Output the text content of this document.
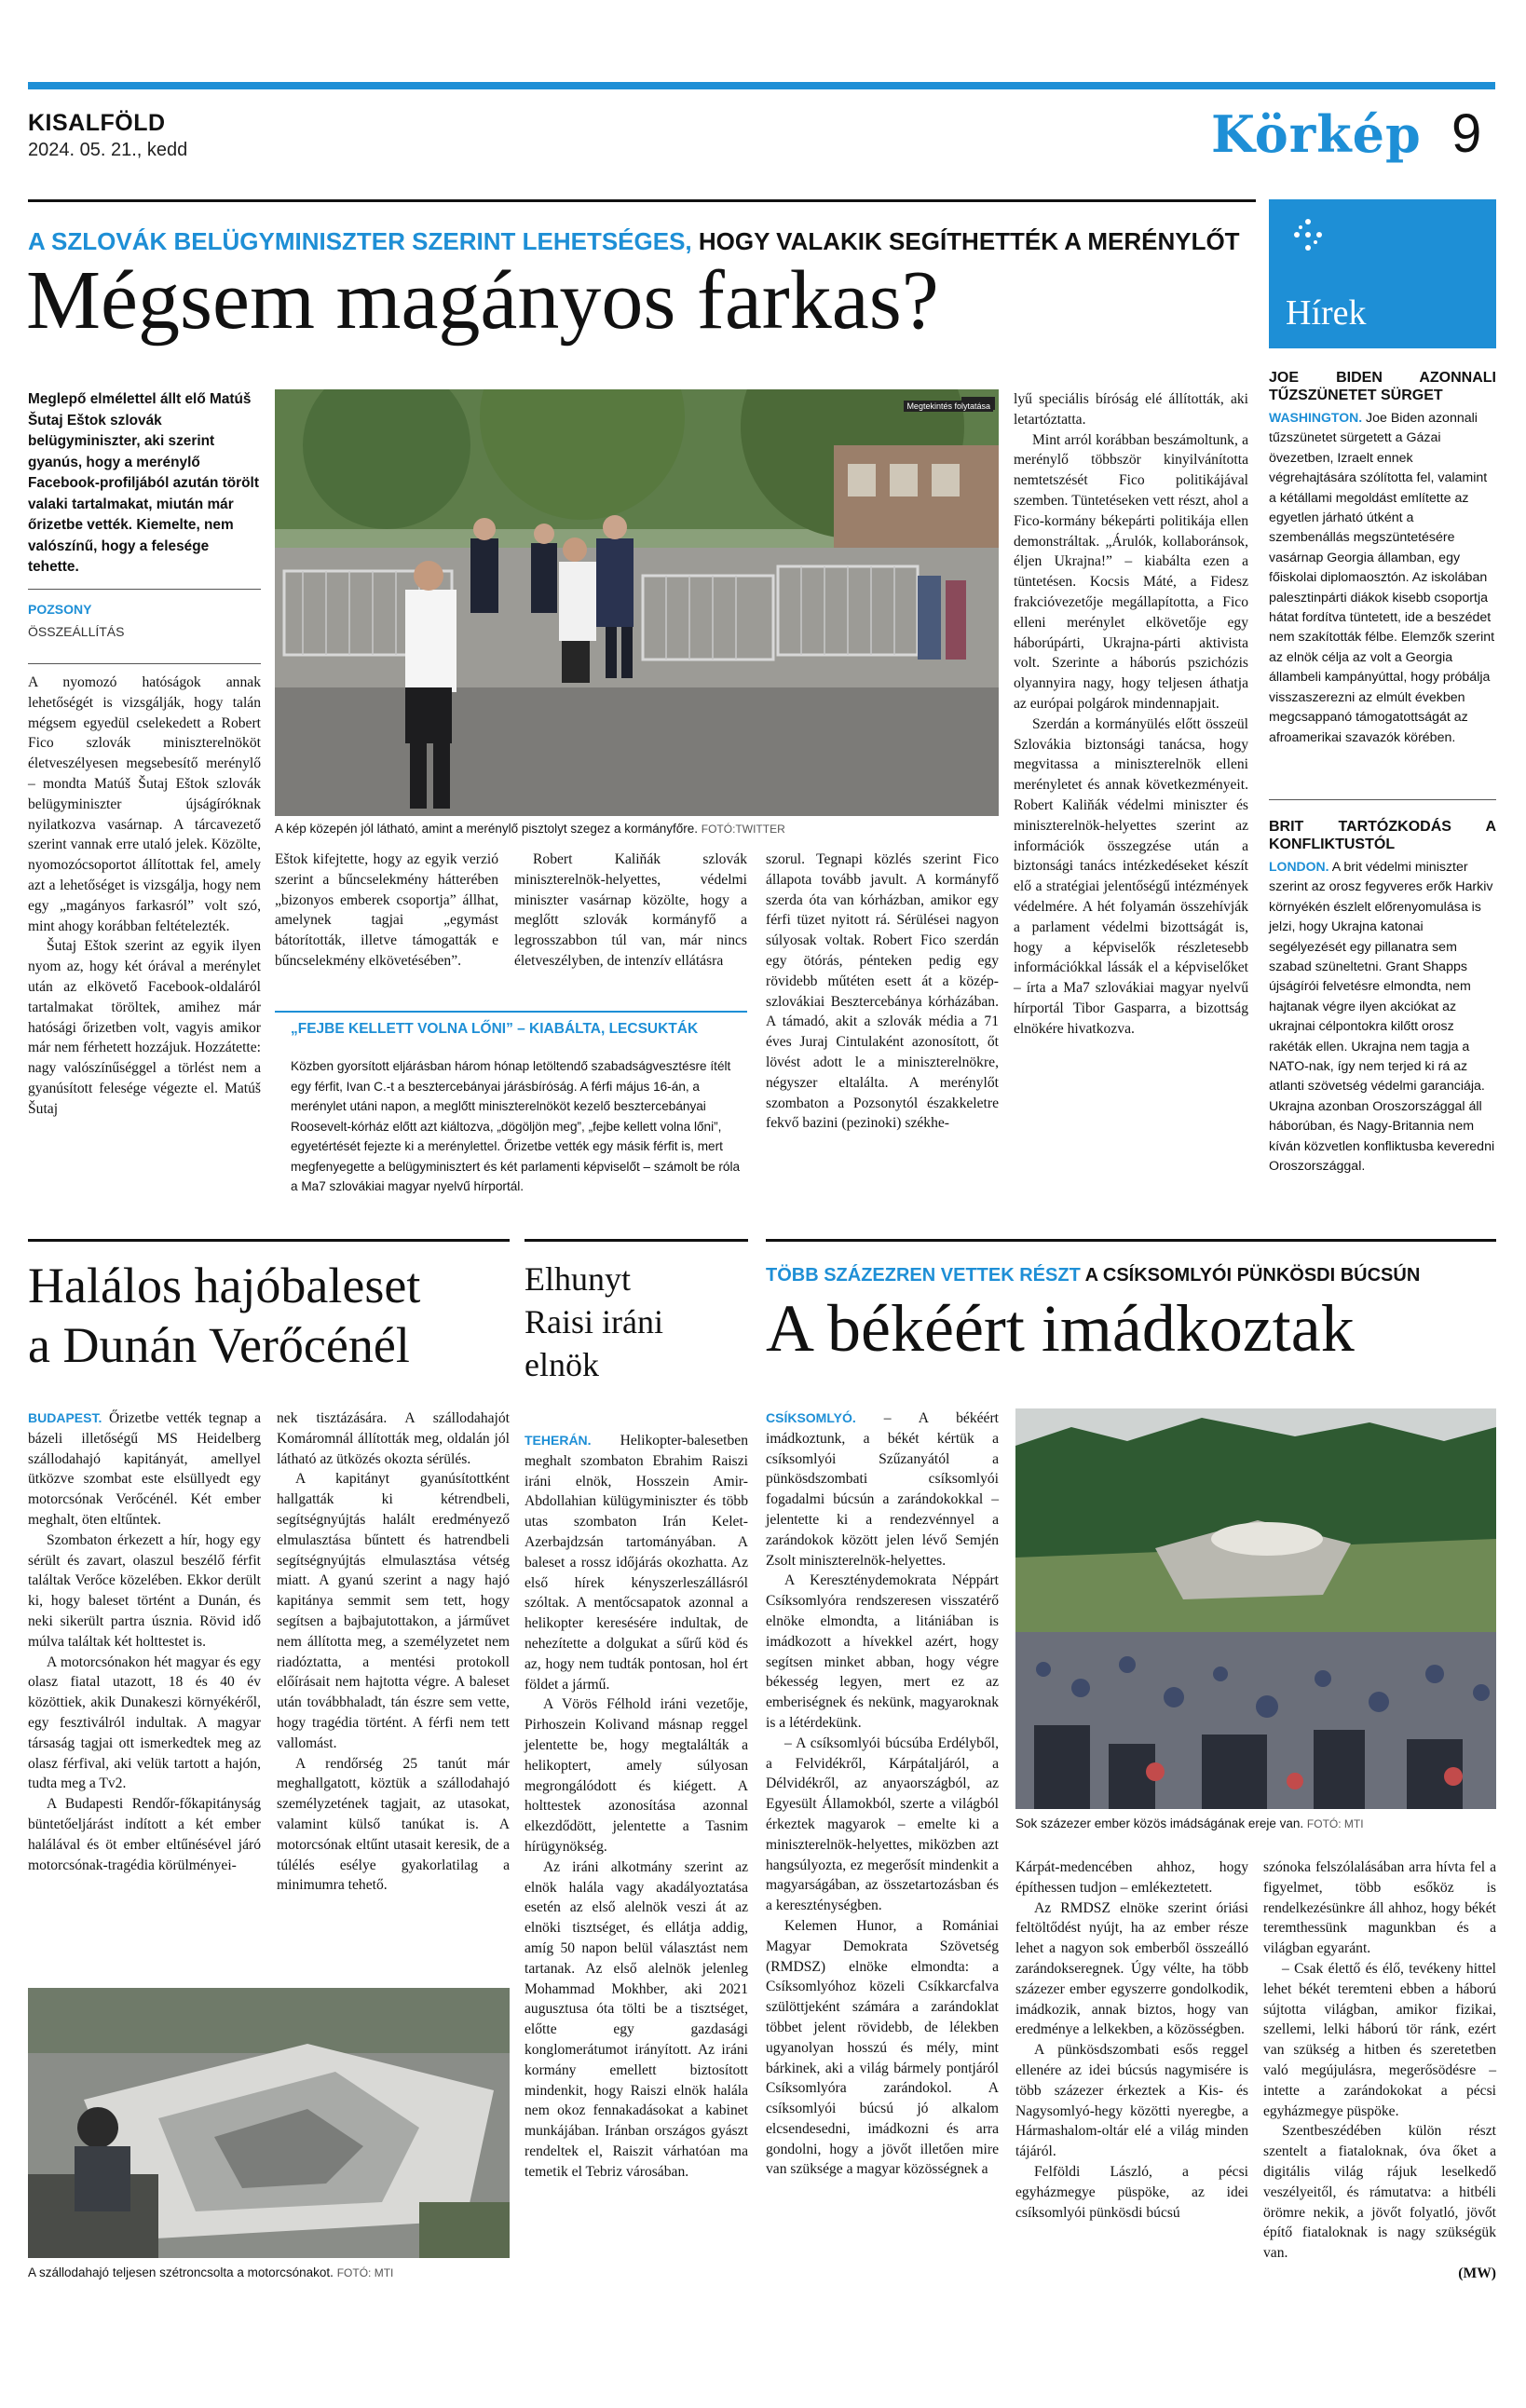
KISALFÖLD
2024. 05. 21., kedd	Körkép 9
A SZLOVÁK BELÜGYMINISZTER SZERINT LEHETSÉGES, HOGY VALAKIK SEGÍTHETTÉK A MERÉNYLŐT
Mégsem magányos farkas?
Meglepő elmélettel állt elő Matúš Šutaj Eštok szlovák belügyminiszter, aki szerint gyanús, hogy a merénylő Facebook-profiljából azután törölt valaki tartalmakat, miután már őrizetbe vették. Kiemelte, nem valószínű, hogy a felesége tehette.
POZSONY
ÖSSZEÁLLÍTÁS

A nyomozó hatóságok annak lehetőségét is vizsgálják, hogy talán mégsem egyedül cselekedett a Robert Fico szlovák miniszterelnököt életveszélyesen megsebesítő merénylő – mondta Matúš Šutaj Eštok szlovák belügyminiszter újságíróknak nyilatkozva vasárnap. A tárcavezető szerint vannak erre utaló jelek. Közölte, nyomozócsoportot állítottak fel, amely azt a lehetőséget is vizsgálja, hogy nem egy „magányos farkasról” volt szó, mint ahogy korábban feltételezték.

Šutaj Eštok szerint az egyik ilyen nyom az, hogy két órával a merénylet után az elkövető Facebook-oldaláról tartalmakat töröltek, amihez már hatósági őrizetben volt, vagyis amikor már nem férhetett hozzájuk. Hozzátette: nagy valószínűséggel a törlést nem a gyanúsított felesége végezte el. Matúš Šutaj

Megtekintés folytatása
A kép közepén jól látható, amint a merénylő pisztolyt szegez a kormányfőre. FOTÓ:TWITTER

Eštok kifejtette, hogy az egyik verzió szerint a bűncselekmény hátterében „bizonyos emberek csoportja” állhat, amelynek tagjai „egymást bátorították, illetve támogatták e bűncselekmény elkövetésében”.

Robert Kaliňák szlovák miniszterelnök-helyettes, védelmi miniszter vasárnap közölte, hogy a meglőtt szlovák kormányfő a legrosszabbon túl van, már nincs életveszélyben, de intenzív ellátásra

„FEJBE KELLETT VOLNA LŐNI” – KIABÁLTA, LECSUKTÁK
Közben gyorsított eljárásban három hónap letöltendő szabadságvesztésre ítélt egy férfit, Ivan C.-t a besztercebányai járásbíróság. A férfi május 16-án, a merénylet utáni napon, a meglőtt miniszterelnököt kezelő besztercebányai Roosevelt-kórház előtt azt kiáltozva, „dögöljön meg”, „fejbe kellett volna lőni”, egyetértését fejezte ki a merénylettel. Őrizetbe vették egy másik férfit is, mert megfenyegette a belügyminisztert és két parlamenti képviselőt – számolt be róla a Ma7 szlovákiai magyar nyelvű hírportál.

szorul. Tegnapi közlés szerint Fico állapota tovább javult. A kormányfő szerda óta van kórházban, amikor egy férfi tüzet nyitott rá. Sérülései nagyon súlyosak voltak. Robert Fico szerdán egy ötórás, pénteken pedig egy rövidebb műtéten esett át a közép-szlovákiai Besztercebánya kórházában. A támadó, akit a szlovák média a 71 éves Juraj Cintulaként azonosított, őt lövést adott le a miniszterelnökre, négyszer eltalálta. A merénylőt szombaton a Pozsonytól északkeletre fekvő bazini (pezinoki) székhe-

lyű speciális bíróság elé állították, aki letartóztatta.

Mint arról korábban beszámoltunk, a merénylő többször kinyilvánította nemtetszését Fico politikájával szemben. Tüntetéseken vett részt, ahol a Fico-kormány békepárti politikája ellen demonstráltak. „Árulók, kollaboránsok, éljen Ukrajna!” – kiabálta ezen a tüntetésen. Kocsis Máté, a Fidesz frakcióvezetője megállapította, a Fico elleni merénylet elkövetője egy háborúpárti, Ukrajna-párti aktivista volt. Szerinte a háborús pszichózis olyannyira nagy, hogy teljesen áthatja az európai polgárok mindennapjait.

Szerdán a kormányülés előtt összeül Szlovákia biztonsági tanácsa, hogy megvitassa a miniszterelnök elleni merényletet és annak következményeit. Robert Kaliňák védelmi miniszter és miniszterelnök-helyettes szerint az információk összegzése után a biztonsági tanács intézkedéseket készít elő a stratégiai jelentőségű intézmények védelmére. A hét folyamán összehívják a parlament védelmi bizottságát is, hogy a képviselők részletesebb információkkal lássák el a képviselőket – írta a Ma7 szlovákiai magyar nyelvű hírportál Tibor Gasparra, a bizottság elnökére hivatkozva.

Hírek
JOE BIDEN AZONNALI TŰZSZÜNETET SÜRGET

WASHINGTON. Joe Biden azonnali tűzszünetet sürgetett a Gázai övezetben, Izraelt ennek végrehajtására szólította fel, valamint a kétállami megoldást említette az egyetlen járható útként a szembenállás megszüntetésére vasárnap Georgia államban, egy főiskolai diplomaosztón. Az iskolában palesztinpárti diákok kisebb csoportja hátat fordítva tüntetett, ide a beszédet nem szakították félbe. Elemzők szerint az elnök célja az volt a Georgia állambeli kampányúttal, hogy próbálja visszaszerezni az elmúlt években megcsappanó támogatottságát az afroamerikai szavazók körében.

BRIT TARTÓZKODÁS A KONFLIKTUSTÓL

LONDON. A brit védelmi miniszter szerint az orosz fegyveres erők Harkiv környékén észlelt előrenyomulása is jelzi, hogy Ukrajna katonai segélyezését egy pillanatra sem szabad szüneltetni. Grant Shapps újságírói felvetésre elmondta, nem hajtanak végre ilyen akciókat az ukrajnai célpontokra kilőtt orosz rakéták ellen. Ukrajna nem tagja a NATO-nak, így nem terjed ki rá az atlanti szövetség védelmi garanciája. Ukrajna azonban Oroszországgal áll háborúban, és Nagy-Britannia nem kíván közvetlen konfliktusba keveredni Oroszországgal.

Halálos hajóbaleset
a Dunán Verőcénél

BUDAPEST. Őrizetbe vették tegnap a bázeli illetőségű MS Heidelberg szállodahajó kapitányát, amellyel ütközve szombat este elsüllyedt egy motorcsónak Verőcénél. Két ember meghalt, öten eltűntek.

Szombaton érkezett a hír, hogy egy sérült és zavart, olaszul beszélő férfit találtak Verőce közelében. Ekkor derült ki, hogy baleset történt a Dunán, és neki sikerült partra úsznia. Rövid idő múlva találtak két holttestet is.

A motorcsónakon hét magyar és egy olasz fiatal utazott, 18 és 40 év közöttiek, akik Dunakeszi környékéről, egy fesztiválról indultak. A magyar társaság tagjai ott ismerkedtek meg az olasz férfival, aki velük tartott a hajón, tudta meg a Tv2.

A Budapesti Rendőr-főkapitányság büntetőeljárást indított a két ember halálával és öt ember eltűnésével járó motorcsónak-tragédia körülményei-

nek tisztázására. A szállodahajót Komáromnál állították meg, oldalán jól látható az ütközés okozta sérülés.

A kapitányt gyanúsítottként hallgatták ki kétrendbeli, segítségnyújtás halált eredményező elmulasztása bűntett és hatrendbeli segítségnyújtás elmulasztása vétség miatt. A gyanú szerint a nagy hajó kapitánya semmit sem tett, hogy segítsen a bajbajutottakon, a járművet nem állította meg, a személyzetet nem riadóztatta, a mentési protokoll előírásait nem hajtotta végre. A baleset után továbbhaladt, tán észre sem vette, hogy tragédia történt. A férfi nem tett vallomást.

A rendőrség 25 tanút már meghallgatott, köztük a szállodahajó személyzetének tagjait, az utasokat, valamint külső tanúkat is. A motorcsónak eltűnt utasait keresik, de a túlélés esélye gyakorlatilag a minimumra tehető.

A szállodahajó teljesen szétroncsolta a motorcsónakot. FOTÓ: MTI
Elhunyt Raisi iráni elnök

TEHERÁN. Helikopter-balesetben meghalt szombaton Ebrahim Raiszi iráni elnök, Hosszein Amir-Abdollahian külügyminiszter és több utas szombaton Irán Kelet-Azerbajdzsán tartományában. A baleset a rossz időjárás okozhatta. Az első hírek kényszerleszállásról szóltak. A mentőcsapatok azonnal a helikopter keresésére indultak, de nehezítette a dolgukat a sűrű köd és az, hogy nem tudták pontosan, hol ért földet a jármű.

A Vörös Félhold iráni vezetője, Pirhoszein Kolivand másnap reggel jelentette be, hogy megtalálták a helikoptert, amely súlyosan megrongálódott és kiégett. A holttestek azonosítása azonnal elkezdődött, jelentette a Tasnim hírügynökség.

Az iráni alkotmány szerint az elnök halála vagy akadályoztatása esetén az első alelnök veszi át az elnöki tisztséget, és ellátja addig, amíg 50 napon belül választást nem tartanak. Az első alelnök jelenleg Mohammad Mokhber, aki 2021 augusztusa óta tölti be a tisztséget, előtte egy gazdasági konglomerátumot irányított. Az iráni kormány emellett biztosított mindenkit, hogy Raiszi elnök halála nem okoz fennakadásokat a kabinet munkájában. Iránban országos gyászt rendeltek el, Raiszit várhatóan ma temetik el Tebriz városában.

TÖBB SZÁZEZREN VETTEK RÉSZT A CSÍKSOMLYÓI PÜNKÖSDI BÚCSÚN
A békéért imádkoztak

CSÍKSOMLYÓ. – A békéért imádkoztunk, a békét kértük a csíksomlyói Szűzanyától a pünkösdszombati csíksomlyói fogadalmi búcsún a zarándokokkal – jelentette ki a rendezvénnyel a zarándokok között jelen lévő Semjén Zsolt miniszterelnök-helyettes.

A Kereszténydemokrata Néppárt Csíksomlyóra rendszeresen visszatérő elnöke elmondta, a litániában is imádkozott a hívekkel azért, hogy segítsen minket abban, hogy végre békesség legyen, mert ez az emberiségnek és nekünk, magyaroknak is a létérdekünk.

– A csíksomlyói búcsúba Erdélyből, a Felvidékről, Kárpátaljáról, a Délvidékről, az anyaországból, az Egyesült Államokból, szerte a világból érkeztek magyarok – emelte ki a miniszterelnök-helyettes, miközben azt hangsúlyozta, ez megerősít mindenkit a magyarságában, az összetartozásban és a kereszténységben.

Kelemen Hunor, a Romániai Magyar Demokrata Szövetség (RMDSZ) elnöke elmondta: a Csíksomlyóhoz közeli Csíkkarcfalva szülöttjeként számára a zarándoklat többet jelent rövidebb, de lélekben ugyanolyan hosszú és mély, mint bárkinek, aki a világ bármely pontjáról Csíksomlyóra zarándokol. A csíksomlyói búcsú jó alkalom elcsendesedni, imádkozni és arra gondolni, hogy a jövőt illetően mire van szüksége a magyar közösségnek a

Sok százezer ember közös imádságának ereje van. FOTÓ: MTI

Kárpát-medencében ahhoz, hogy építhessen tudjon – emlékeztetett.

Az RMDSZ elnöke szerint óriási feltöltődést nyújt, ha az ember része lehet a nagyon sok emberből összeálló zarándokseregnek. Úgy vélte, ha több százezer ember egyszerre gondolkodik, imádkozik, annak biztos, hogy van eredménye a lelkekben, a közösségben.

A pünkösdszombati esős reggel ellenére az idei búcsús nagymisére is több százezer érkeztek a Kis- és Nagysomlyó-hegy közötti nyeregbe, a Hármashalom-oltár elé a világ minden tájáról.

Felföldi László, a pécsi egyházmegye püspöke, az idei csíksomlyói pünkösdi búcsú

szónoka felszólalásában arra hívta fel a figyelmet, több esőköz is rendelkezésünkre áll ahhoz, hogy békét teremthessünk magunkban és a világban egyaránt.

– Csak élettő és élő, tevékeny hittel lehet békét teremteni ebben a háború sújtotta világban, amikor fizikai, szellemi, lelki háború tör ránk, ezért van szükség a hitben és szeretetben való megújulásra, megerősödésre – intette a zarándokokat a pécsi egyházmegye püspöke.

Szentbeszédében külön részt szentelt a fiataloknak, óva őket a digitális világ rájuk leselkedő veszélyeitől, és rámutatva: a hitbéli örömre nekik, a jövőt folyatló, jövőt építő fiataloknak is nagy szükségük van.

(MW)
